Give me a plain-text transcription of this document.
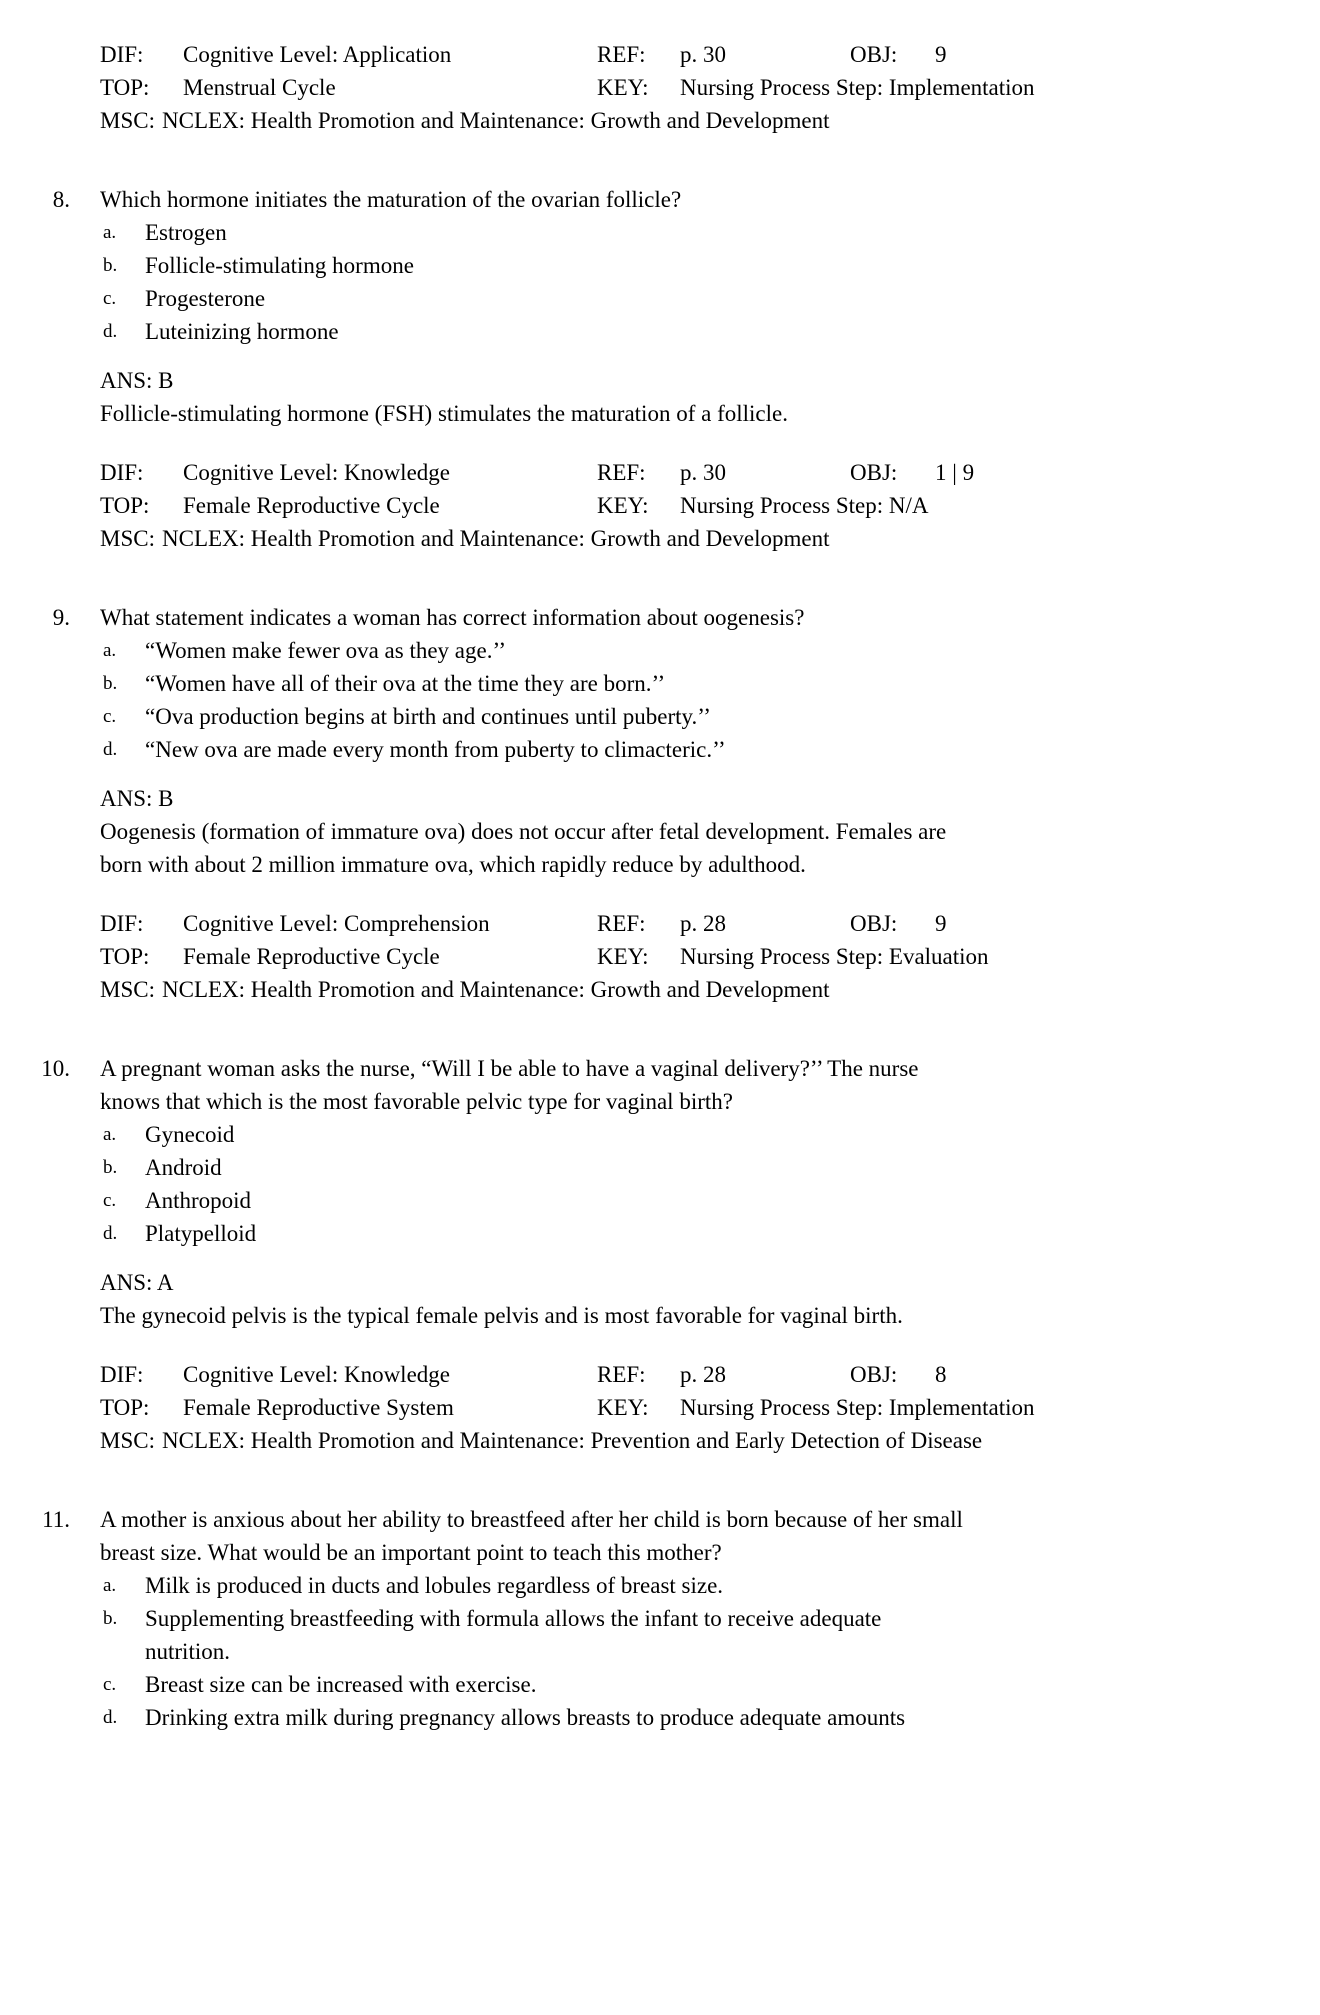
DIF: Cognitive Level: Application	REF: p. 30	OBJ: 9
TOP: Menstrual Cycle	KEY: Nursing Process Step: Implementation
MSC: NCLEX: Health Promotion and Maintenance: Growth and Development
8. Which hormone initiates the maturation of the ovarian follicle?
a. Estrogen
b. Follicle-stimulating hormone
c. Progesterone
d. Luteinizing hormone
ANS: B
Follicle-stimulating hormone (FSH) stimulates the maturation of a follicle.
DIF: Cognitive Level: Knowledge	REF: p. 30	OBJ: 1 | 9
TOP: Female Reproductive Cycle	KEY: Nursing Process Step: N/A
MSC: NCLEX: Health Promotion and Maintenance: Growth and Development
9. What statement indicates a woman has correct information about oogenesis?
a. “Women make fewer ova as they age.’’
b. “Women have all of their ova at the time they are born.’’
c. “Ova production begins at birth and continues until puberty.’’
d. “New ova are made every month from puberty to climacteric.’’
ANS: B
Oogenesis (formation of immature ova) does not occur after fetal development. Females are
born with about 2 million immature ova, which rapidly reduce by adulthood.
DIF: Cognitive Level: Comprehension	REF: p. 28	OBJ: 9
TOP: Female Reproductive Cycle	KEY: Nursing Process Step: Evaluation
MSC: NCLEX: Health Promotion and Maintenance: Growth and Development
10. A pregnant woman asks the nurse, “Will I be able to have a vaginal delivery?’’ The nurse
knows that which is the most favorable pelvic type for vaginal birth?
a. Gynecoid
b. Android
c. Anthropoid
d. Platypelloid
ANS: A
The gynecoid pelvis is the typical female pelvis and is most favorable for vaginal birth.
DIF: Cognitive Level: Knowledge	REF: p. 28	OBJ: 8
TOP: Female Reproductive System	KEY: Nursing Process Step: Implementation
MSC: NCLEX: Health Promotion and Maintenance: Prevention and Early Detection of Disease
11. A mother is anxious about her ability to breastfeed after her child is born because of her small
breast size. What would be an important point to teach this mother?
a. Milk is produced in ducts and lobules regardless of breast size.
b. Supplementing breastfeeding with formula allows the infant to receive adequate
nutrition.
c. Breast size can be increased with exercise.
d. Drinking extra milk during pregnancy allows breasts to produce adequate amounts
